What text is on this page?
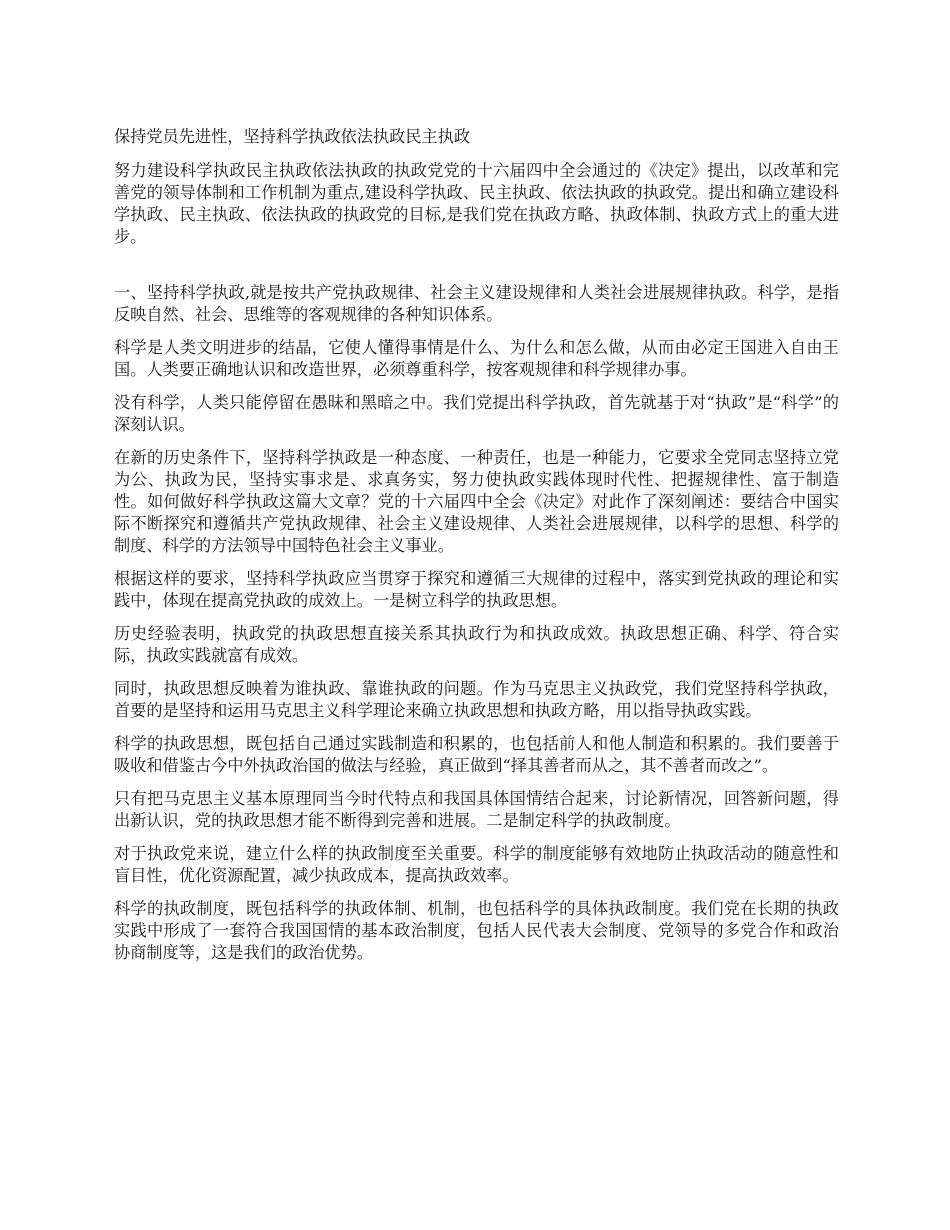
保持党员先进性，坚持科学执政依法执政民主执政

努力建设科学执政民主执政依法执政的执政党党的十六届四中全会通过的《决定》提出，以改革和完善党的领导体制和工作机制为重点,建设科学执政、民主执政、依法执政的执政党。提出和确立建设科学执政、民主执政、依法执政的执政党的目标,是我们党在执政方略、执政体制、执政方式上的重大进步。

一、坚持科学执政,就是按共产党执政规律、社会主义建设规律和人类社会进展规律执政。科学，是指反映自然、社会、思维等的客观规律的各种知识体系。

科学是人类文明进步的结晶，它使人懂得事情是什么、为什么和怎么做，从而由必定王国进入自由王国。人类要正确地认识和改造世界，必须尊重科学，按客观规律和科学规律办事。

没有科学，人类只能停留在愚昧和黑暗之中。我们党提出科学执政，首先就基于对“执政”是“科学”的深刻认识。

在新的历史条件下，坚持科学执政是一种态度、一种责任，也是一种能力，它要求全党同志坚持立党为公、执政为民，坚持实事求是、求真务实，努力使执政实践体现时代性、把握规律性、富于制造性。如何做好科学执政这篇大文章？党的十六届四中全会《决定》对此作了深刻阐述：要结合中国实际不断探究和遵循共产党执政规律、社会主义建设规律、人类社会进展规律，以科学的思想、科学的制度、科学的方法领导中国特色社会主义事业。

根据这样的要求，坚持科学执政应当贯穿于探究和遵循三大规律的过程中，落实到党执政的理论和实践中，体现在提高党执政的成效上。一是树立科学的执政思想。

历史经验表明，执政党的执政思想直接关系其执政行为和执政成效。执政思想正确、科学、符合实际，执政实践就富有成效。

同时，执政思想反映着为谁执政、靠谁执政的问题。作为马克思主义执政党，我们党坚持科学执政，首要的是坚持和运用马克思主义科学理论来确立执政思想和执政方略，用以指导执政实践。

科学的执政思想，既包括自己通过实践制造和积累的，也包括前人和他人制造和积累的。我们要善于吸收和借鉴古今中外执政治国的做法与经验，真正做到“择其善者而从之，其不善者而改之”。

只有把马克思主义基本原理同当今时代特点和我国具体国情结合起来，讨论新情况，回答新问题，得出新认识，党的执政思想才能不断得到完善和进展。二是制定科学的执政制度。

对于执政党来说，建立什么样的执政制度至关重要。科学的制度能够有效地防止执政活动的随意性和盲目性，优化资源配置，减少执政成本，提高执政效率。

科学的执政制度，既包括科学的执政体制、机制，也包括科学的具体执政制度。我们党在长期的执政实践中形成了一套符合我国国情的基本政治制度，包括人民代表大会制度、党领导的多党合作和政治协商制度等，这是我们的政治优势。
